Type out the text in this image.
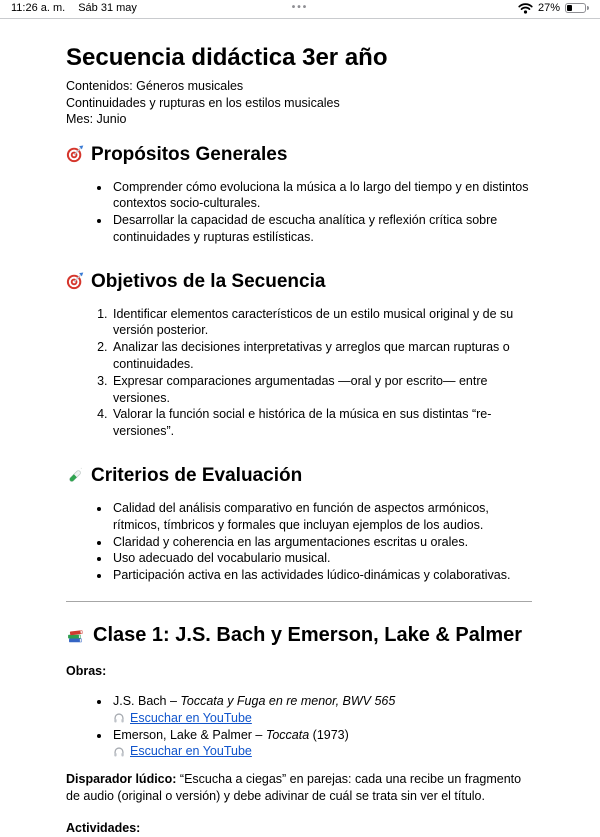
11:26 a. m. Sáb 31 may	•••	27%
Secuencia didáctica 3er año
Contenidos: Géneros musicales
Continuidades y rupturas en los estilos musicales
Mes: Junio
Propósitos Generales
• Comprender cómo evoluciona la música a lo largo del tiempo y en distintos contextos socio-culturales.
• Desarrollar la capacidad de escucha analítica y reflexión crítica sobre continuidades y rupturas estilísticas.
Objetivos de la Secuencia
1. Identificar elementos característicos de un estilo musical original y de su versión posterior.
2. Analizar las decisiones interpretativas y arreglos que marcan rupturas o continuidades.
3. Expresar comparaciones argumentadas —oral y por escrito— entre versiones.
4. Valorar la función social e histórica de la música en sus distintas “re-versiones”.
Criterios de Evaluación
• Calidad del análisis comparativo en función de aspectos armónicos, rítmicos, tímbricos y formales que incluyan ejemplos de los audios.
• Claridad y coherencia en las argumentaciones escritas u orales.
• Uso adecuado del vocabulario musical.
• Participación activa en las actividades lúdico-dinámicas y colaborativas.
Clase 1: J.S. Bach y Emerson, Lake & Palmer

Obras:

• J.S. Bach – Toccata y Fuga en re menor, BWV 565
Escuchar en YouTube
• Emerson, Lake & Palmer – Toccata (1973)
Escuchar en YouTube

Disparador lúdico: “Escucha a ciegas” en parejas: cada una recibe un fragmento de audio (original o versión) y debe adivinar de cuál se trata sin ver el título.

Actividades:
